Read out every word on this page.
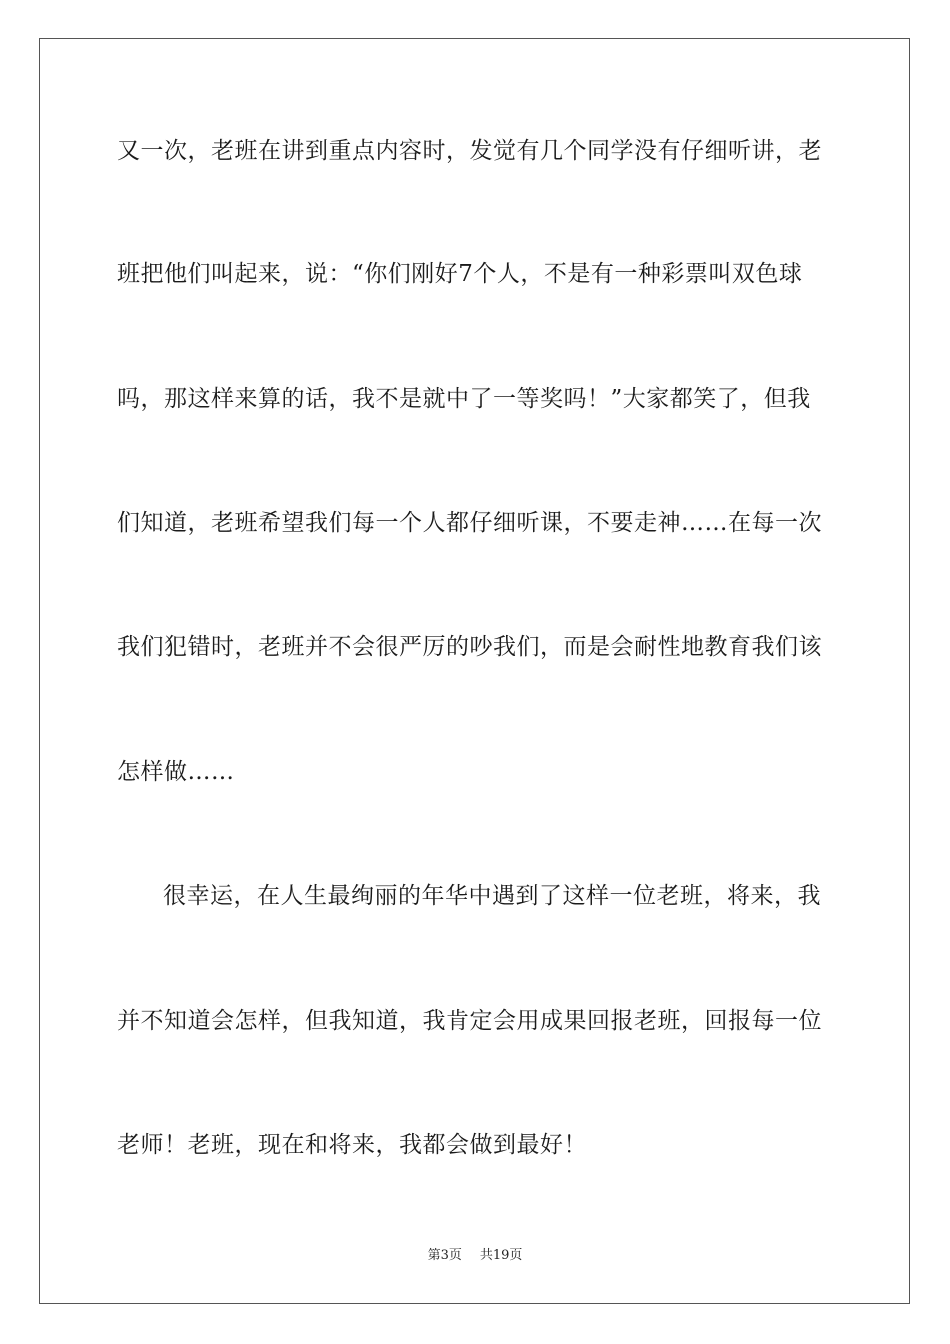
又一次，老班在讲到重点内容时，发觉有几个同学没有仔细听讲，老
班把他们叫起来，说：“你们刚好7个人，不是有一种彩票叫双色球
吗，那这样来算的话，我不是就中了一等奖吗！”大家都笑了，但我
们知道，老班希望我们每一个人都仔细听课，不要走神……在每一次
我们犯错时，老班并不会很严厉的吵我们，而是会耐性地教育我们该
怎样做……
很幸运，在人生最绚丽的年华中遇到了这样一位老班，将来，我
并不知道会怎样，但我知道，我肯定会用成果回报老班，回报每一位
老师！老班，现在和将来，我都会做到最好！
第3页 共19页
